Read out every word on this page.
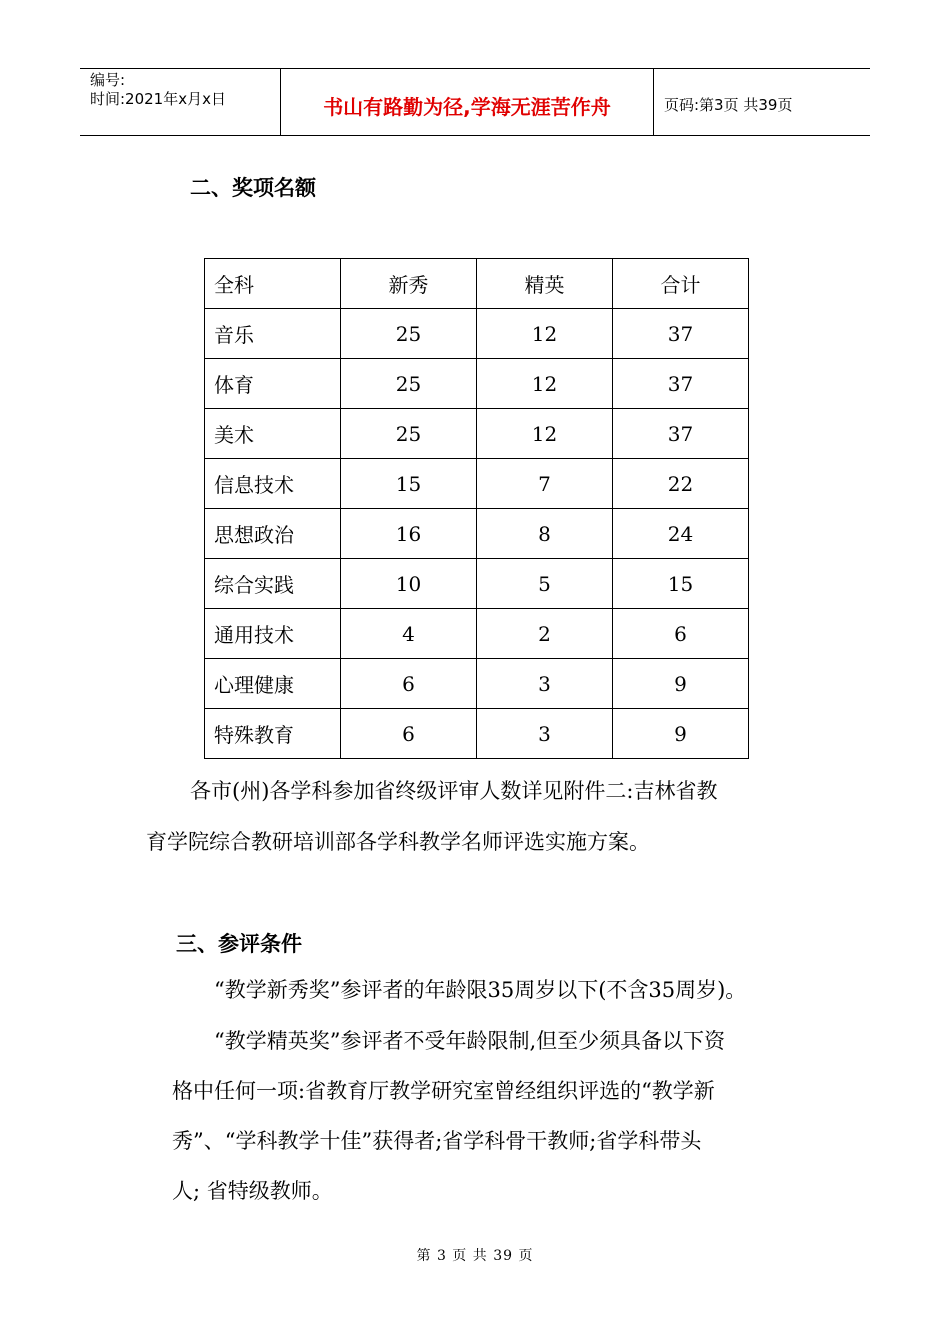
编号:
时间:2021年x月x日	书山有路勤为径,学海无涯苦作舟	页码:第3页 共39页
二、奖项名额
全科	新秀	精英	合计
音乐	25	12	37
体育	25	12	37
美术	25	12	37
信息技术	15	7	22
思想政治	16	8	24
综合实践	10	5	15
通用技术	4	2	6
心理健康	6	3	9
特殊教育	6	3	9
各市(州)各学科参加省终级评审人数详见附件二:吉林省教
育学院综合教研培训部各学科教学名师评选实施方案。
三、参评条件
“教学新秀奖”参评者的年龄限35周岁以下(不含35周岁)。
“教学精英奖”参评者不受年龄限制,但至少须具备以下资
格中任何一项:省教育厅教学研究室曾经组织评选的“教学新
秀”、“学科教学十佳”获得者;省学科骨干教师;省学科带头
人; 省特级教师。
第 3 页 共 39 页
